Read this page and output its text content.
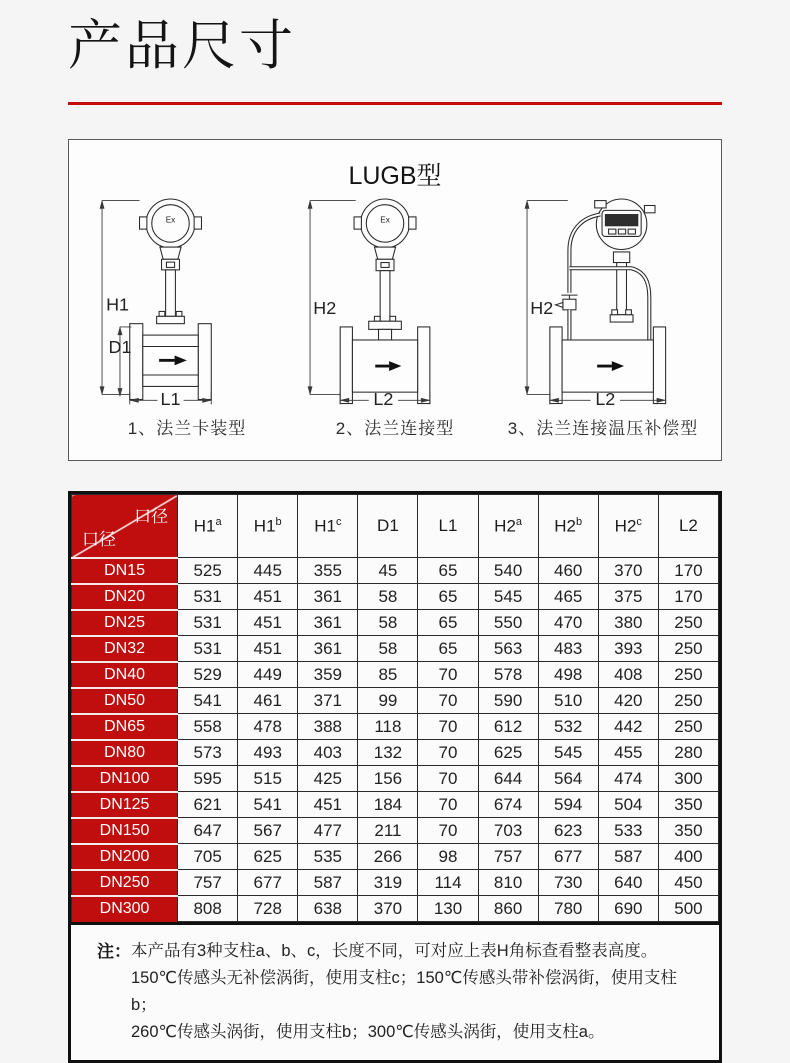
产品尺寸
LUGB型
H1
Ex
D1
L1
H2
Ex
L2
H2
L2
1、法兰卡装型	2、法兰连接型	3、法兰连接温压补偿型
口径
口径	H1$^a$	H1$^b$	H1$^c$	D1	L1	H2$^a$	H2$^b$	H2$^c$	L2
DN15	525	445	355	45	65	540	460	370	170
DN20	531	451	361	58	65	545	465	375	170
DN25	531	451	361	58	65	550	470	380	250
DN32	531	451	361	58	65	563	483	393	250
DN40	529	449	359	85	70	578	498	408	250
DN50	541	461	371	99	70	590	510	420	250
DN65	558	478	388	118	70	612	532	442	250
DN80	573	493	403	132	70	625	545	455	280
DN100	595	515	425	156	70	644	564	474	300
DN125	621	541	451	184	70	674	594	504	350
DN150	647	567	477	211	70	703	623	533	350
DN200	705	625	535	266	98	757	677	587	400
DN250	757	677	587	319	114	810	730	640	450
DN300	808	728	638	370	130	860	780	690	500
注： 本产品有3种支柱a、b、c，长度不同，可对应上表H角标查看整表高度。
150℃传感头无补偿涡街，使用支柱c；150℃传感头带补偿涡街，使用支柱b；
260℃传感头涡街，使用支柱b；300℃传感头涡街，使用支柱a。
